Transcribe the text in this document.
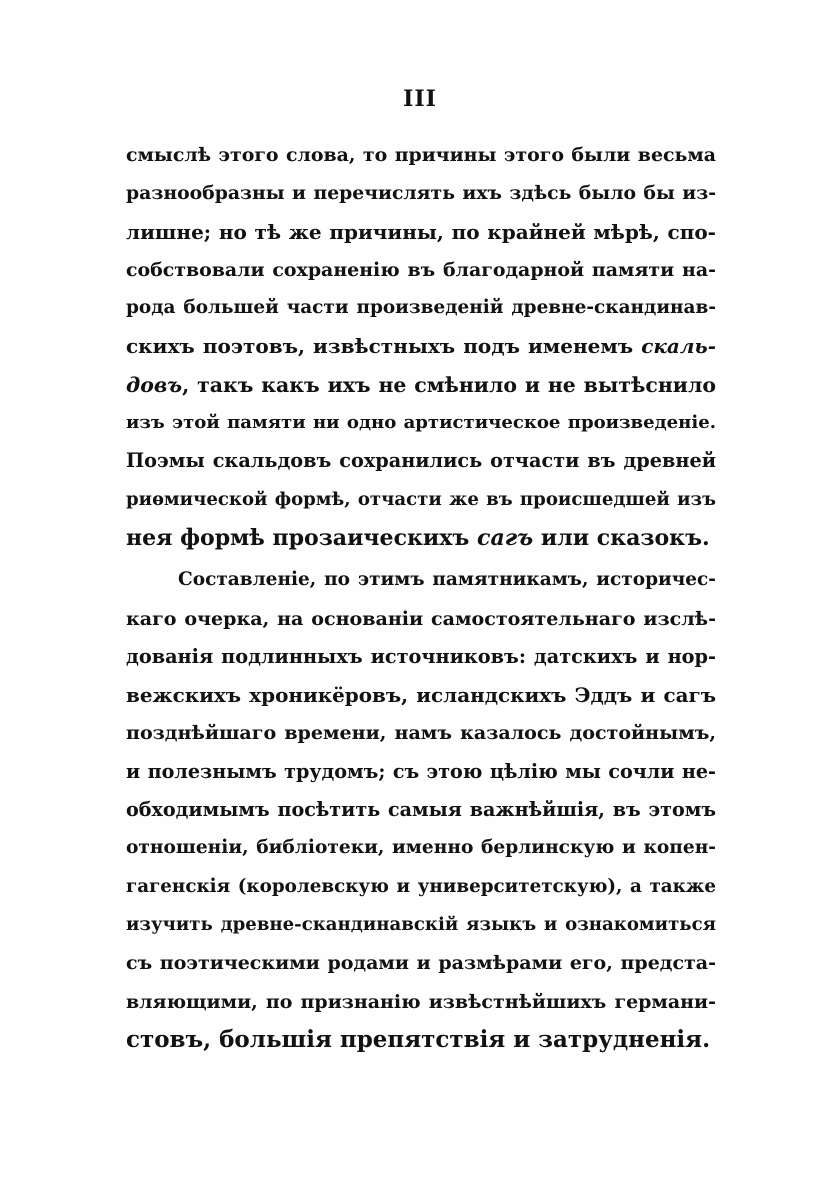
III
смыслѣ этого слова, то причины этого были весьма
разнообразны и перечислять ихъ здѣсь было бы из-
лишне; но тѣ же причины, по крайней мѣрѣ, спо-
собствовали сохраненію въ благодарной памяти на-
рода большей части произведеній древне-скандинав-
скихъ поэтовъ, извѣстныхъ подъ именемъ скаль-
довъ, такъ какъ ихъ не смѣнило и не вытѣснило
изъ этой памяти ни одно артистическое произведеніе.
Поэмы скальдовъ сохранились отчасти въ древней
риѳмической формѣ, отчасти же въ происшедшей изъ
нея формѣ прозаическихъ сагъ или сказокъ.
Составленіе, по этимъ памятникамъ, историчес-
каго очерка, на основаніи самостоятельнаго изслѣ-
дованія подлинныхъ источниковъ: датскихъ и нор-
вежскихъ хроникёровъ, исландскихъ Эддъ и сагъ
позднѣйшаго времени, намъ казалось достойнымъ,
и полезнымъ трудомъ; съ этою цѣлію мы сочли не-
обходимымъ посѣтить самыя важнѣйшія, въ этомъ
отношеніи, библіотеки, именно берлинскую и копен-
гагенскія (королевскую и университетскую), а также
изучить древне-скандинавскій языкъ и ознакомиться
съ поэтическими родами и размѣрами его, предста-
вляющими, по признанію извѣстнѣйшихъ германи-
стовъ, большія препятствія и затрудненія.
